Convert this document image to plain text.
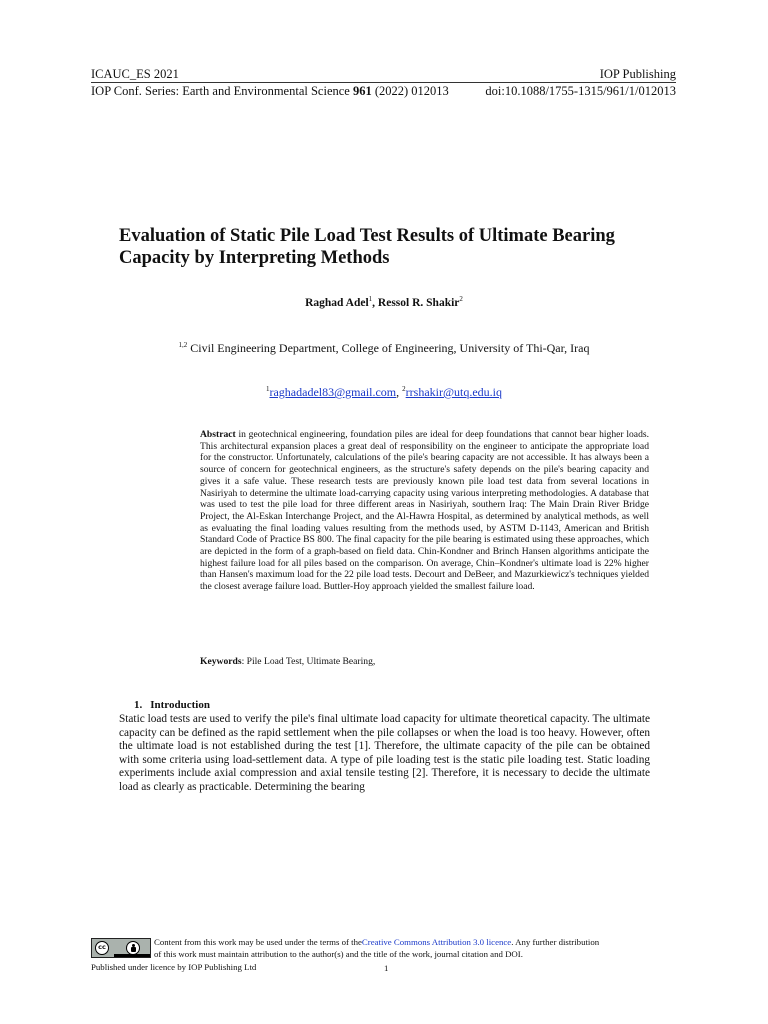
ICAUC_ES 2021	IOP Publishing
IOP Conf. Series: Earth and Environmental Science 961 (2022) 012013	doi:10.1088/1755-1315/961/1/012013
Evaluation of Static Pile Load Test Results of Ultimate Bearing Capacity by Interpreting Methods
Raghad Adel$^1$, Ressol R. Shakir$^2$
$^{1,2}$ Civil Engineering Department, College of Engineering, University of Thi-Qar, Iraq
$^1$raghadadel83@gmail.com, $^2$rrshakir@utq.edu.iq
Abstract in geotechnical engineering, foundation piles are ideal for deep foundations that cannot bear higher loads. This architectural expansion places a great deal of responsibility on the engineer to anticipate the appropriate load for the constructor. Unfortunately, calculations of the pile's bearing capacity are not accessible. It has always been a source of concern for geotechnical engineers, as the structure's safety depends on the pile's bearing capacity and gives it a safe value. These research tests are previously known pile load test data from several locations in Nasiriyah to determine the ultimate load-carrying capacity using various interpreting methodologies. A database that was used to test the pile load for three different areas in Nasiriyah, southern Iraq: The Main Drain River Bridge Project, the Al-Eskan Interchange Project, and the Al-Hawra Hospital, as determined by analytical methods, as well as evaluating the final loading values resulting from the methods used, by ASTM D-1143, American and British Standard Code of Practice BS 800. The final capacity for the pile bearing is estimated using these approaches, which are depicted in the form of a graph-based on field data. Chin-Kondner and Brinch Hansen algorithms anticipate the highest failure load for all piles based on the comparison. On average, Chin–Kondner's ultimate load is 22% higher than Hansen's maximum load for the 22 pile load tests. Decourt and DeBeer, and Mazurkiewicz's techniques yielded the closest average failure load. Buttler-Hoy approach yielded the smallest failure load.
Keywords: Pile Load Test, Ultimate Bearing,
1. Introduction
Static load tests are used to verify the pile's final ultimate load capacity for ultimate theoretical capacity. The ultimate capacity can be defined as the rapid settlement when the pile collapses or when the load is too heavy. However, often the ultimate load is not established during the test [1]. Therefore, the ultimate capacity of the pile can be obtained with some criteria using load-settlement data. A type of pile loading test is the static pile loading test. Static loading experiments include axial compression and axial tensile testing [2]. Therefore, it is necessary to decide the ultimate load as clearly as practicable. Determining the bearing
cc	Content from this work may be used under the terms of theCreative Commons Attribution 3.0 licence. Any further distribution
of this work must maintain attribution to the author(s) and the title of the work, journal citation and DOI.
Published under licence by IOP Publishing Ltd	1
